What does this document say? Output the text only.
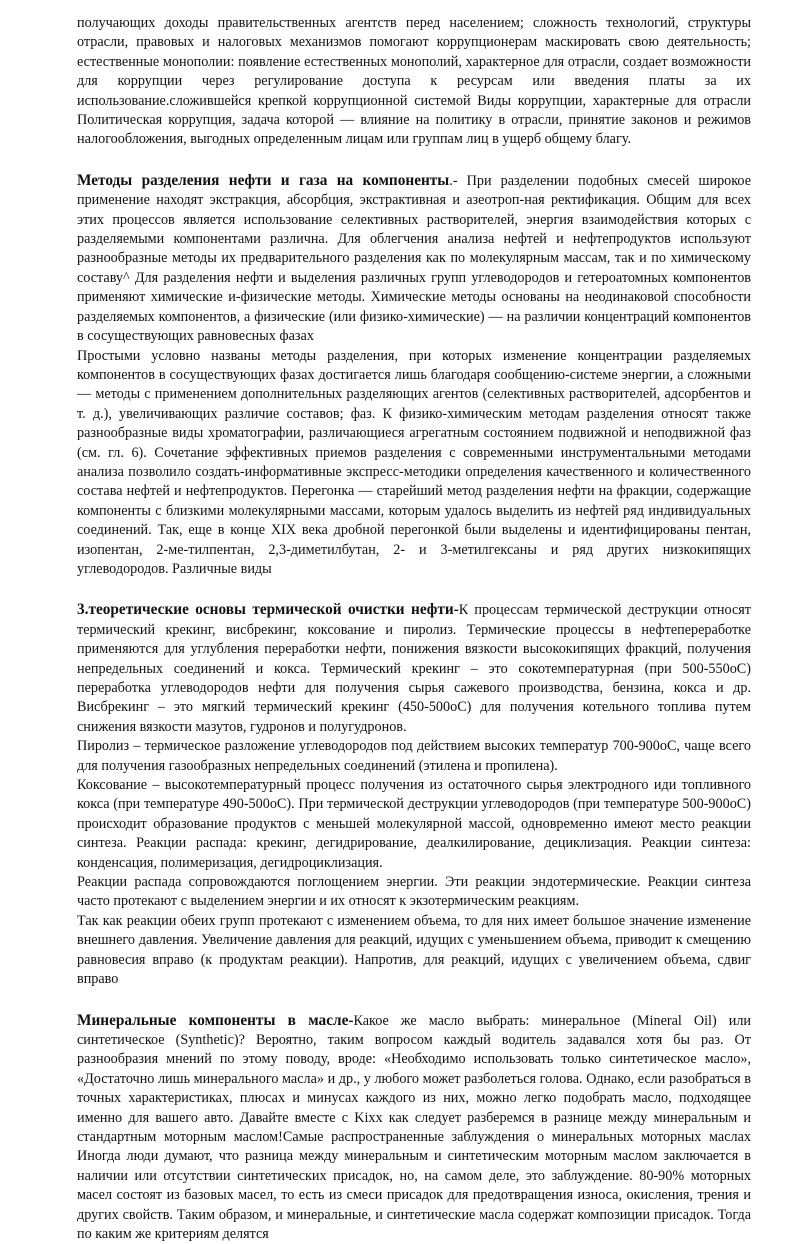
получающих доходы правительственных агентств перед населением; сложность технологий, структуры отрасли, правовых и налоговых механизмов помогают коррупционерам маскировать свою деятельность; естественные монополии: появление естественных монополий, характерное для отрасли, создает возможности для коррупции через регулирование доступа к ресурсам или введения платы за их использование.сложившейся крепкой коррупционной системой Виды коррупции, характерные для отрасли Политическая коррупция, задача которой — влияние на политику в отрасли, принятие законов и режимов налогообложения, выгодных определенным лицам или группам лиц в ущерб общему благу.

Методы разделения нефти и газа на компоненты.- При разделении подобных смесей широкое применение находят экстракция, абсорбция, экстрактивная и азеотроп-ная ректификация. Общим для всех этих процессов является использование селективных растворителей, энергия взаимодействия которых с разделяемыми компонентами различна. Для облегчения анализа нефтей и нефтепродуктов используют разнообразные методы их предварительного разделения как по молекулярным массам, так и по химическому составу^ Для разделения нефти и выделения различных групп углеводородов и гетероатомных компонентов применяют химические и-физические методы. Химические методы основаны на неодинаковой способности разделяемых компонентов, а физические (или физико-химические) — на различии концентраций компонентов в сосуществующих равновесных фазах

Простыми условно названы методы разделения, при которых изменение концентрации разделяемых компонентов в сосуществующих фазах достигается лишь благодаря сообщению-системе энергии, а сложными — методы с применением дополнительных разделяющих агентов (селективных растворителей, адсорбентов и т. д.), увеличивающих различие составов; фаз. К физико-химическим методам разделения относят также разнообразные виды хроматографии, различающиеся агрегатным состоянием подвижной и неподвижной фаз (см. гл. 6). Сочетание эффективных приемов разделения с современными инструментальными методами анализа позволило создать-информативные экспресс-методики определения качественного и количественного состава нефтей и нефтепродуктов. Перегонка — старейший метод разделения нефти на фракции, содержащие компоненты с близкими молекулярными массами, которым удалось выделить из нефтей ряд индивидуальных соединений. Так, еще в конце XIX века дробной перегонкой были выделены и идентифицированы пентан, изопентан, 2-ме-тилпентан, 2,3-диметилбутан, 2- и 3-метилгексаны и ряд других низкокипящих углеводородов. Различные виды

3.теоретические основы термической очистки нефти-К процессам термической деструкции относят термический крекинг, висбрекинг, коксование и пиролиз. Термические процессы в нефтепереработке применяются для углубления переработки нефти, понижения вязкости высококипящих фракций, получения непредельных соединений и кокса. Термический крекинг – это сокотемпературная (при 500-550оС) переработка углеводородов нефти для получения сырья сажевого производства, бензина, кокса и др. Висбрекинг – это мягкий термический крекинг (450-500оС) для получения котельного топлива путем снижения вязкости мазутов, гудронов и полугудронов.

Пиролиз – термическое разложение углеводородов под действием высоких температур 700-900оС, чаще всего для получения газообразных непредельных соединений (этилена и пропилена).

Коксование – высокотемпературный процесс получения из остаточного сырья электродного иди топливного кокса (при температуре 490-500оС). При термической деструкции углеводородов (при температуре 500-900оС) происходит образование продуктов с меньшей молекулярной массой, одновременно имеют место реакции синтеза. Реакции распада: крекинг, дегидрирование, деалкилирование, дециклизация. Реакции синтеза: конденсация, полимеризация, дегидроциклизация.

Реакции распада сопровождаются поглощением энергии. Эти реакции эндотермические. Реакции синтеза часто протекают с выделением энергии и их относят к экзотермическим реакциям.

Так как реакции обеих групп протекают с изменением объема, то для них имеет большое значение изменение внешнего давления. Увеличение давления для реакций, идущих с уменьшением объема, приводит к смещению равновесия вправо (к продуктам реакции). Напротив, для реакций, идущих с увеличением объема, сдвиг вправо

Минеральные компоненты в масле-Какое же масло выбрать: минеральное (Mineral Oil) или синтетическое (Synthetic)? Вероятно, таким вопросом каждый водитель задавался хотя бы раз. От разнообразия мнений по этому поводу, вроде: «Необходимо использовать только синтетическое масло», «Достаточно лишь минерального масла» и др., у любого может разболеться голова. Однако, если разобраться в точных характеристиках, плюсах и минусах каждого из них, можно легко подобрать масло, подходящее именно для вашего авто. Давайте вместе с Kixx как следует разберемся в разнице между минеральным и стандартным моторным маслом!Самые распространенные заблуждения о минеральных моторных маслах Иногда люди думают, что разница между минеральным и синтетическим моторным маслом заключается в наличии или отсутствии синтетических присадок, но, на самом деле, это заблуждение. 80-90% моторных масел состоят из базовых масел, то есть из смеси присадок для предотвращения износа, окисления, трения и других свойств. Таким образом, и минеральные, и синтетические масла содержат композиции присадок. Тогда по каким же критериям делятся
